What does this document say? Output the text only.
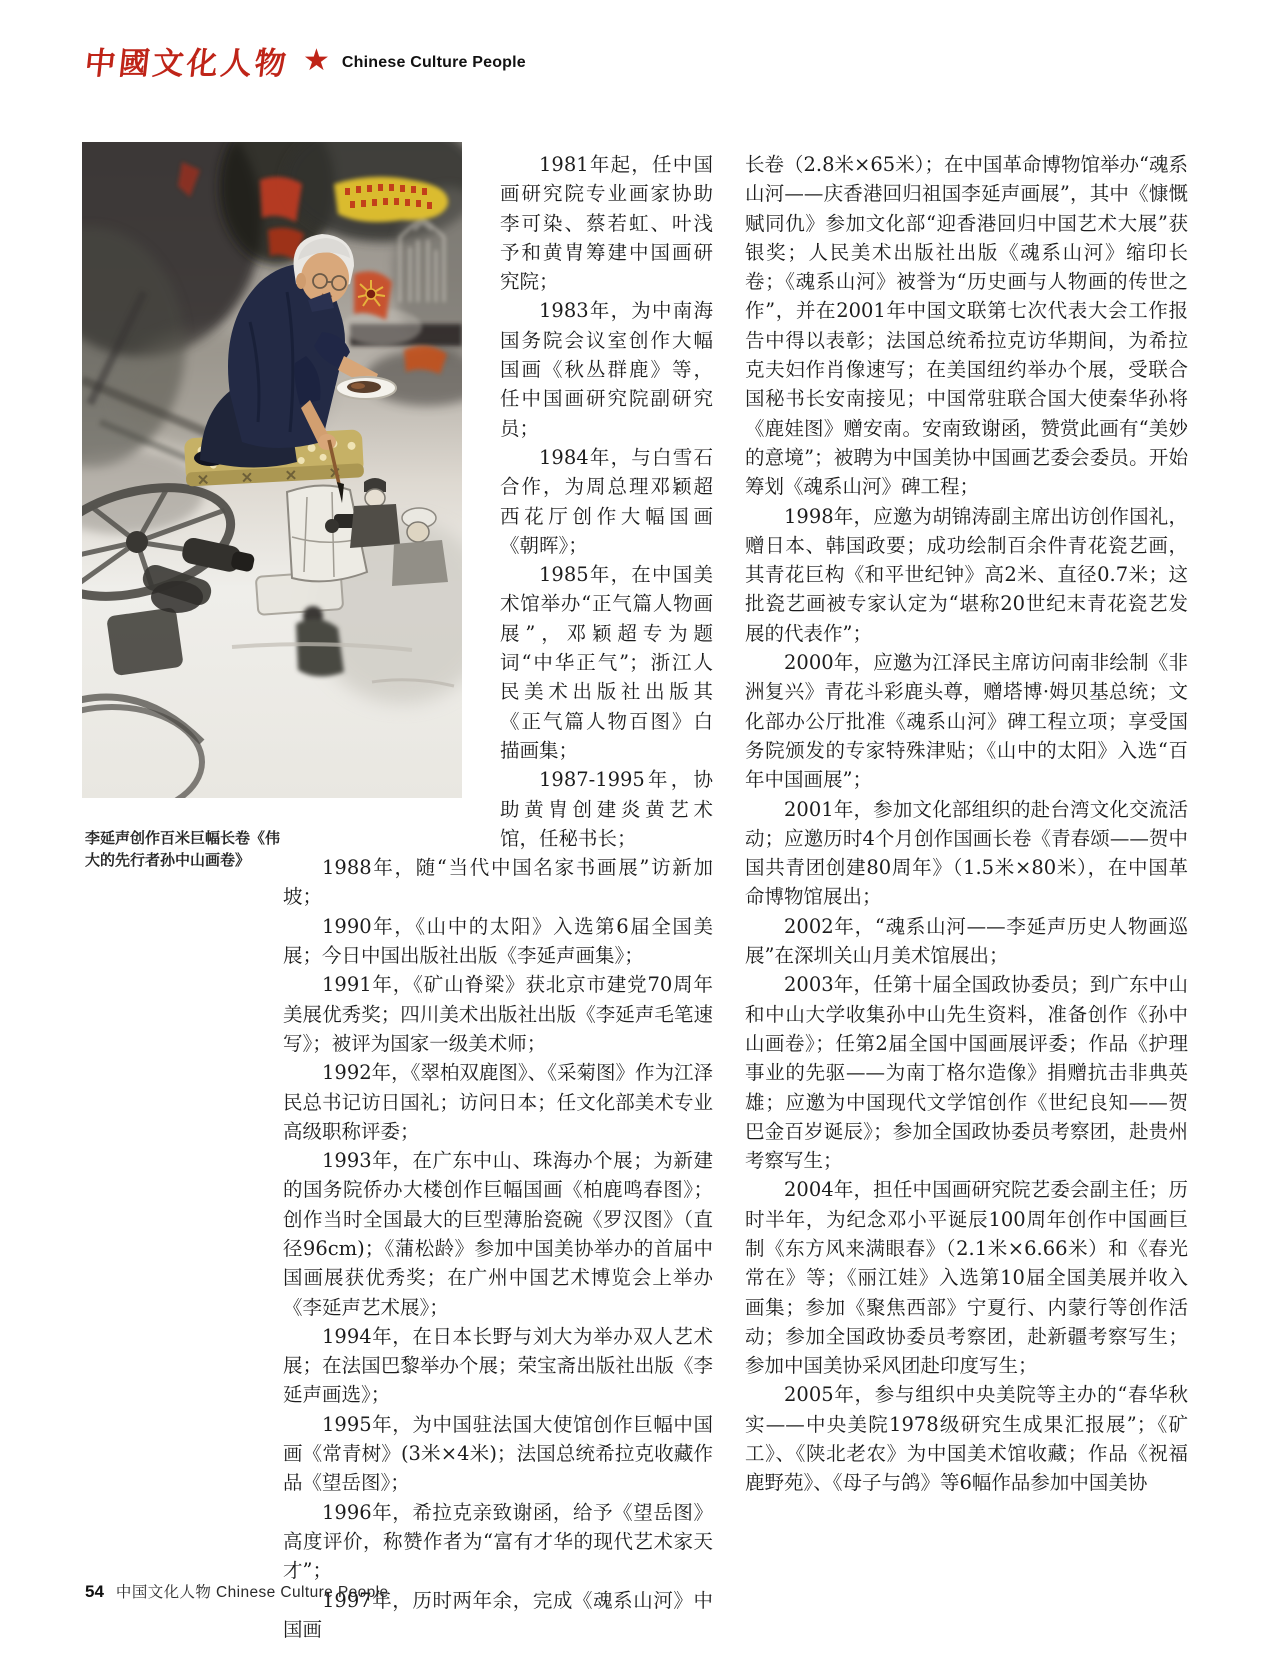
中國文化人物 ★ Chinese Culture People
李延声创作百米巨幅长卷《伟大的先行者孙中山画卷》

1981年起，任中国画研究院专业画家协助李可染、蔡若虹、叶浅予和黄胄筹建中国画研究院；

1983年，为中南海国务院会议室创作大幅国画《秋丛群鹿》等，任中国画研究院副研究员；

1984年，与白雪石合作，为周总理邓颖超西花厅创作大幅国画《朝晖》；

1985年，在中国美术馆举办“正气篇人物画展”，邓颖超专为题词“中华正气”；浙江人民美术出版社出版其《正气篇人物百图》白描画集；

1987-1995年，协助黄胄创建炎黄艺术馆，任秘书长；

1988年，随“当代中国名家书画展”访新加坡；

1990年，《山中的太阳》入选第6届全国美展；今日中国出版社出版《李延声画集》；

1991年，《矿山脊梁》获北京市建党70周年美展优秀奖；四川美术出版社出版《李延声毛笔速写》；被评为国家一级美术师；

1992年，《翠柏双鹿图》、《采菊图》作为江泽民总书记访日国礼；访问日本；任文化部美术专业高级职称评委；

1993年，在广东中山、珠海办个展；为新建的国务院侨办大楼创作巨幅国画《柏鹿鸣春图》；创作当时全国最大的巨型薄胎瓷碗《罗汉图》（直径96cm)；《蒲松龄》参加中国美协举办的首届中国画展获优秀奖；在广州中国艺术博览会上举办《李延声艺术展》；

1994年，在日本长野与刘大为举办双人艺术展；在法国巴黎举办个展；荣宝斋出版社出版《李延声画选》；

1995年，为中国驻法国大使馆创作巨幅中国画《常青树》(3米×4米)；法国总统希拉克收藏作品《望岳图》；

1996年，希拉克亲致谢函，给予《望岳图》高度评价，称赞作者为“富有才华的现代艺术家天才”；

1997年，历时两年余，完成《魂系山河》中国画

长卷（2.8米×65米）；在中国革命博物馆举办“魂系山河——庆香港回归祖国李延声画展”，其中《慷慨赋同仇》参加文化部“迎香港回归中国艺术大展”获银奖；人民美术出版社出版《魂系山河》缩印长卷；《魂系山河》被誉为“历史画与人物画的传世之作”，并在2001年中国文联第七次代表大会工作报告中得以表彰；法国总统希拉克访华期间，为希拉克夫妇作肖像速写；在美国纽约举办个展，受联合国秘书长安南接见；中国常驻联合国大使秦华孙将《鹿娃图》赠安南。安南致谢函，赞赏此画有“美妙的意境”；被聘为中国美协中国画艺委会委员。开始筹划《魂系山河》碑工程；

1998年，应邀为胡锦涛副主席出访创作国礼，赠日本、韩国政要；成功绘制百余件青花瓷艺画，其青花巨构《和平世纪钟》高2米、直径0.7米；这批瓷艺画被专家认定为“堪称20世纪末青花瓷艺发展的代表作”；

2000年，应邀为江泽民主席访问南非绘制《非洲复兴》青花斗彩鹿头尊，赠塔博·姆贝基总统；文化部办公厅批准《魂系山河》碑工程立项；享受国务院颁发的专家特殊津贴；《山中的太阳》入选“百年中国画展”；

2001年，参加文化部组织的赴台湾文化交流活动；应邀历时4个月创作国画长卷《青春颂——贺中国共青团创建80周年》（1.5米×80米），在中国革命博物馆展出；

2002年，“魂系山河——李延声历史人物画巡展”在深圳关山月美术馆展出；

2003年，任第十届全国政协委员；到广东中山和中山大学收集孙中山先生资料，准备创作《孙中山画卷》；任第2届全国中国画展评委；作品《护理事业的先驱——为南丁格尔造像》捐赠抗击非典英雄；应邀为中国现代文学馆创作《世纪良知——贺巴金百岁诞辰》；参加全国政协委员考察团，赴贵州考察写生；

2004年，担任中国画研究院艺委会副主任；历时半年，为纪念邓小平诞辰100周年创作中国画巨制《东方风来满眼春》（2.1米×6.66米）和《春光常在》等；《丽江娃》入选第10届全国美展并收入画集；参加《聚焦西部》宁夏行、内蒙行等创作活动；参加全国政协委员考察团，赴新疆考察写生；参加中国美协采风团赴印度写生；

2005年，参与组织中央美院等主办的“春华秋实——中央美院1978级研究生成果汇报展”；《矿工》、《陕北老农》为中国美术馆收藏；作品《祝福鹿野苑》、《母子与鸽》等6幅作品参加中国美协

54 中国文化人物 Chinese Culture People
